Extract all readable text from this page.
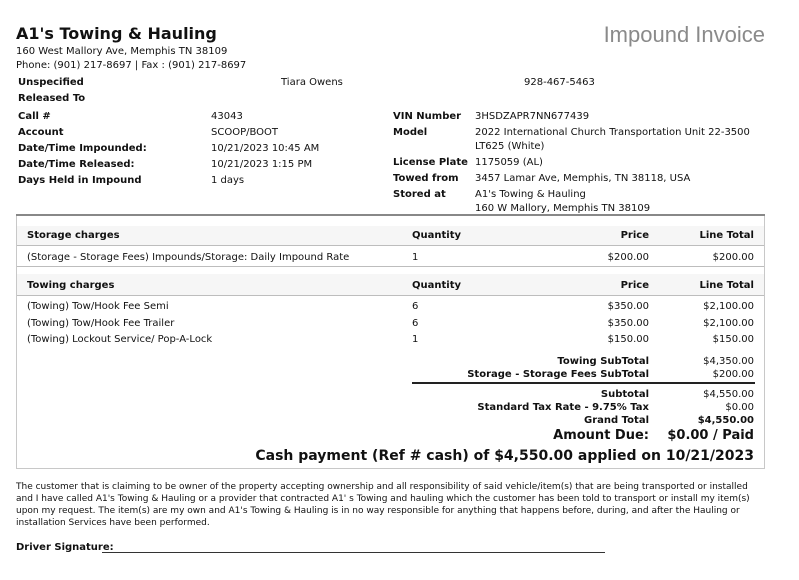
A1's Towing & Hauling
160 West Mallory Ave, Memphis TN 38109
Phone: (901) 217-8697 | Fax : (901) 217-8697
Impound Invoice
Unspecified
Released To
Tiara Owens	928-467-5463
Call #	43043
Account	SCOOP/BOOT
Date/Time Impounded:	10/21/2023 10:45 AM
Date/Time Released:	10/21/2023 1:15 PM
Days Held in Impound	1 days
VIN Number 3HSDZAPR7NN677439
Model	2022 International Church Transportation Unit 22-3500
LT625 (White)
License Plate 1175059 (AL)
Towed from 3457 Lamar Ave, Memphis, TN 38118, USA
Stored at	A1's Towing & Hauling
160 W Mallory, Memphis TN 38109
Storage charges	Quantity	Price	Line Total
(Storage - Storage Fees) Impounds/Storage: Daily Impound Rate	1	$200.00	$200.00
Towing charges	Quantity	Price	Line Total
(Towing) Tow/Hook Fee Semi	6	$350.00	$2,100.00
(Towing) Tow/Hook Fee Trailer	6	$350.00	$2,100.00
(Towing) Lockout Service/ Pop-A-Lock	1	$150.00	$150.00
Towing SubTotal	$4,350.00
Storage - Storage Fees SubTotal	$200.00
Subtotal	$4,550.00
Standard Tax Rate - 9.75% Tax	$0.00
Grand Total	$4,550.00
Amount Due: $0.00 / Paid
Cash payment (Ref # cash) of $4,550.00 applied on 10/21/2023
The customer that is claiming to be owner of the property accepting ownership and all responsibility of said vehicle/item(s) that are being transported or installed and I have called A1's Towing & Hauling or a provider that contracted A1' s Towing and hauling which the customer has been told to transport or install my item(s) upon my request. The item(s) are my own and A1's Towing & Hauling is in no way responsible for anything that happens before, during, and after the Hauling or installation Services have been performed.
Driver Signature:
